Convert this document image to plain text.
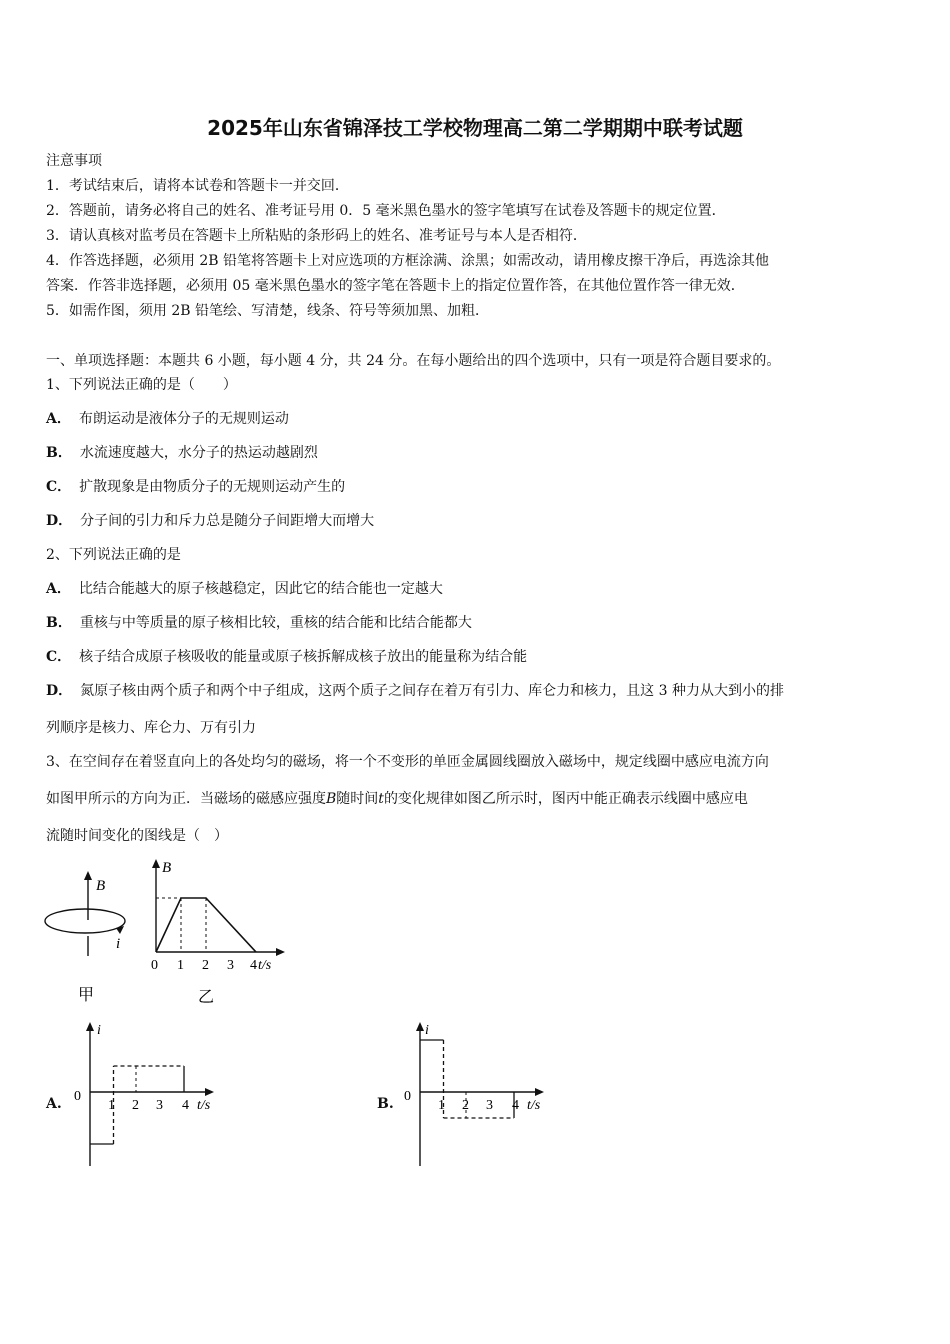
2025年山东省锦泽技工学校物理高二第二学期期中联考试题
注意事项
1．考试结束后，请将本试卷和答题卡一并交回．
2．答题前，请务必将自己的姓名、准考证号用 0．5 毫米黑色墨水的签字笔填写在试卷及答题卡的规定位置．
3．请认真核对监考员在答题卡上所粘贴的条形码上的姓名、准考证号与本人是否相符．
4．作答选择题，必须用 2B 铅笔将答题卡上对应选项的方框涂满、涂黑；如需改动，请用橡皮擦干净后，再选涂其他
答案．作答非选择题，必须用 05 毫米黑色墨水的签字笔在答题卡上的指定位置作答，在其他位置作答一律无效．
5．如需作图，须用 2B 铅笔绘、写清楚，线条、符号等须加黑、加粗．
一、单项选择题：本题共 6 小题，每小题 4 分，共 24 分。在每小题给出的四个选项中，只有一项是符合题目要求的。
1、下列说法正确的是（　　）
A． 布朗运动是液体分子的无规则运动
B． 水流速度越大，水分子的热运动越剧烈
C． 扩散现象是由物质分子的无规则运动产生的
D． 分子间的引力和斥力总是随分子间距增大而增大
2、下列说法正确的是
A． 比结合能越大的原子核越稳定，因此它的结合能也一定越大
B． 重核与中等质量的原子核相比较，重核的结合能和比结合能都大
C． 核子结合成原子核吸收的能量或原子核拆解成核子放出的能量称为结合能
D． 氮原子核由两个质子和两个中子组成，这两个质子之间存在着万有引力、库仑力和核力，且这 3 种力从大到小的排
列顺序是核力、库仑力、万有引力
3、在空间存在着竖直向上的各处均匀的磁场，将一个不变形的单匝金属圆线圈放入磁场中，规定线圈中感应电流方向
如图甲所示的方向为正．当磁场的磁感应强度B随时间t的变化规律如图乙所示时，图丙中能正确表示线圈中感应电
流随时间变化的图线是（　）
B
i
甲
B
t/s
0 1 2 3 4
乙
A.
i
0
t/s
1 2 3 4	B.
i
0
t/s
1 2 3 4
